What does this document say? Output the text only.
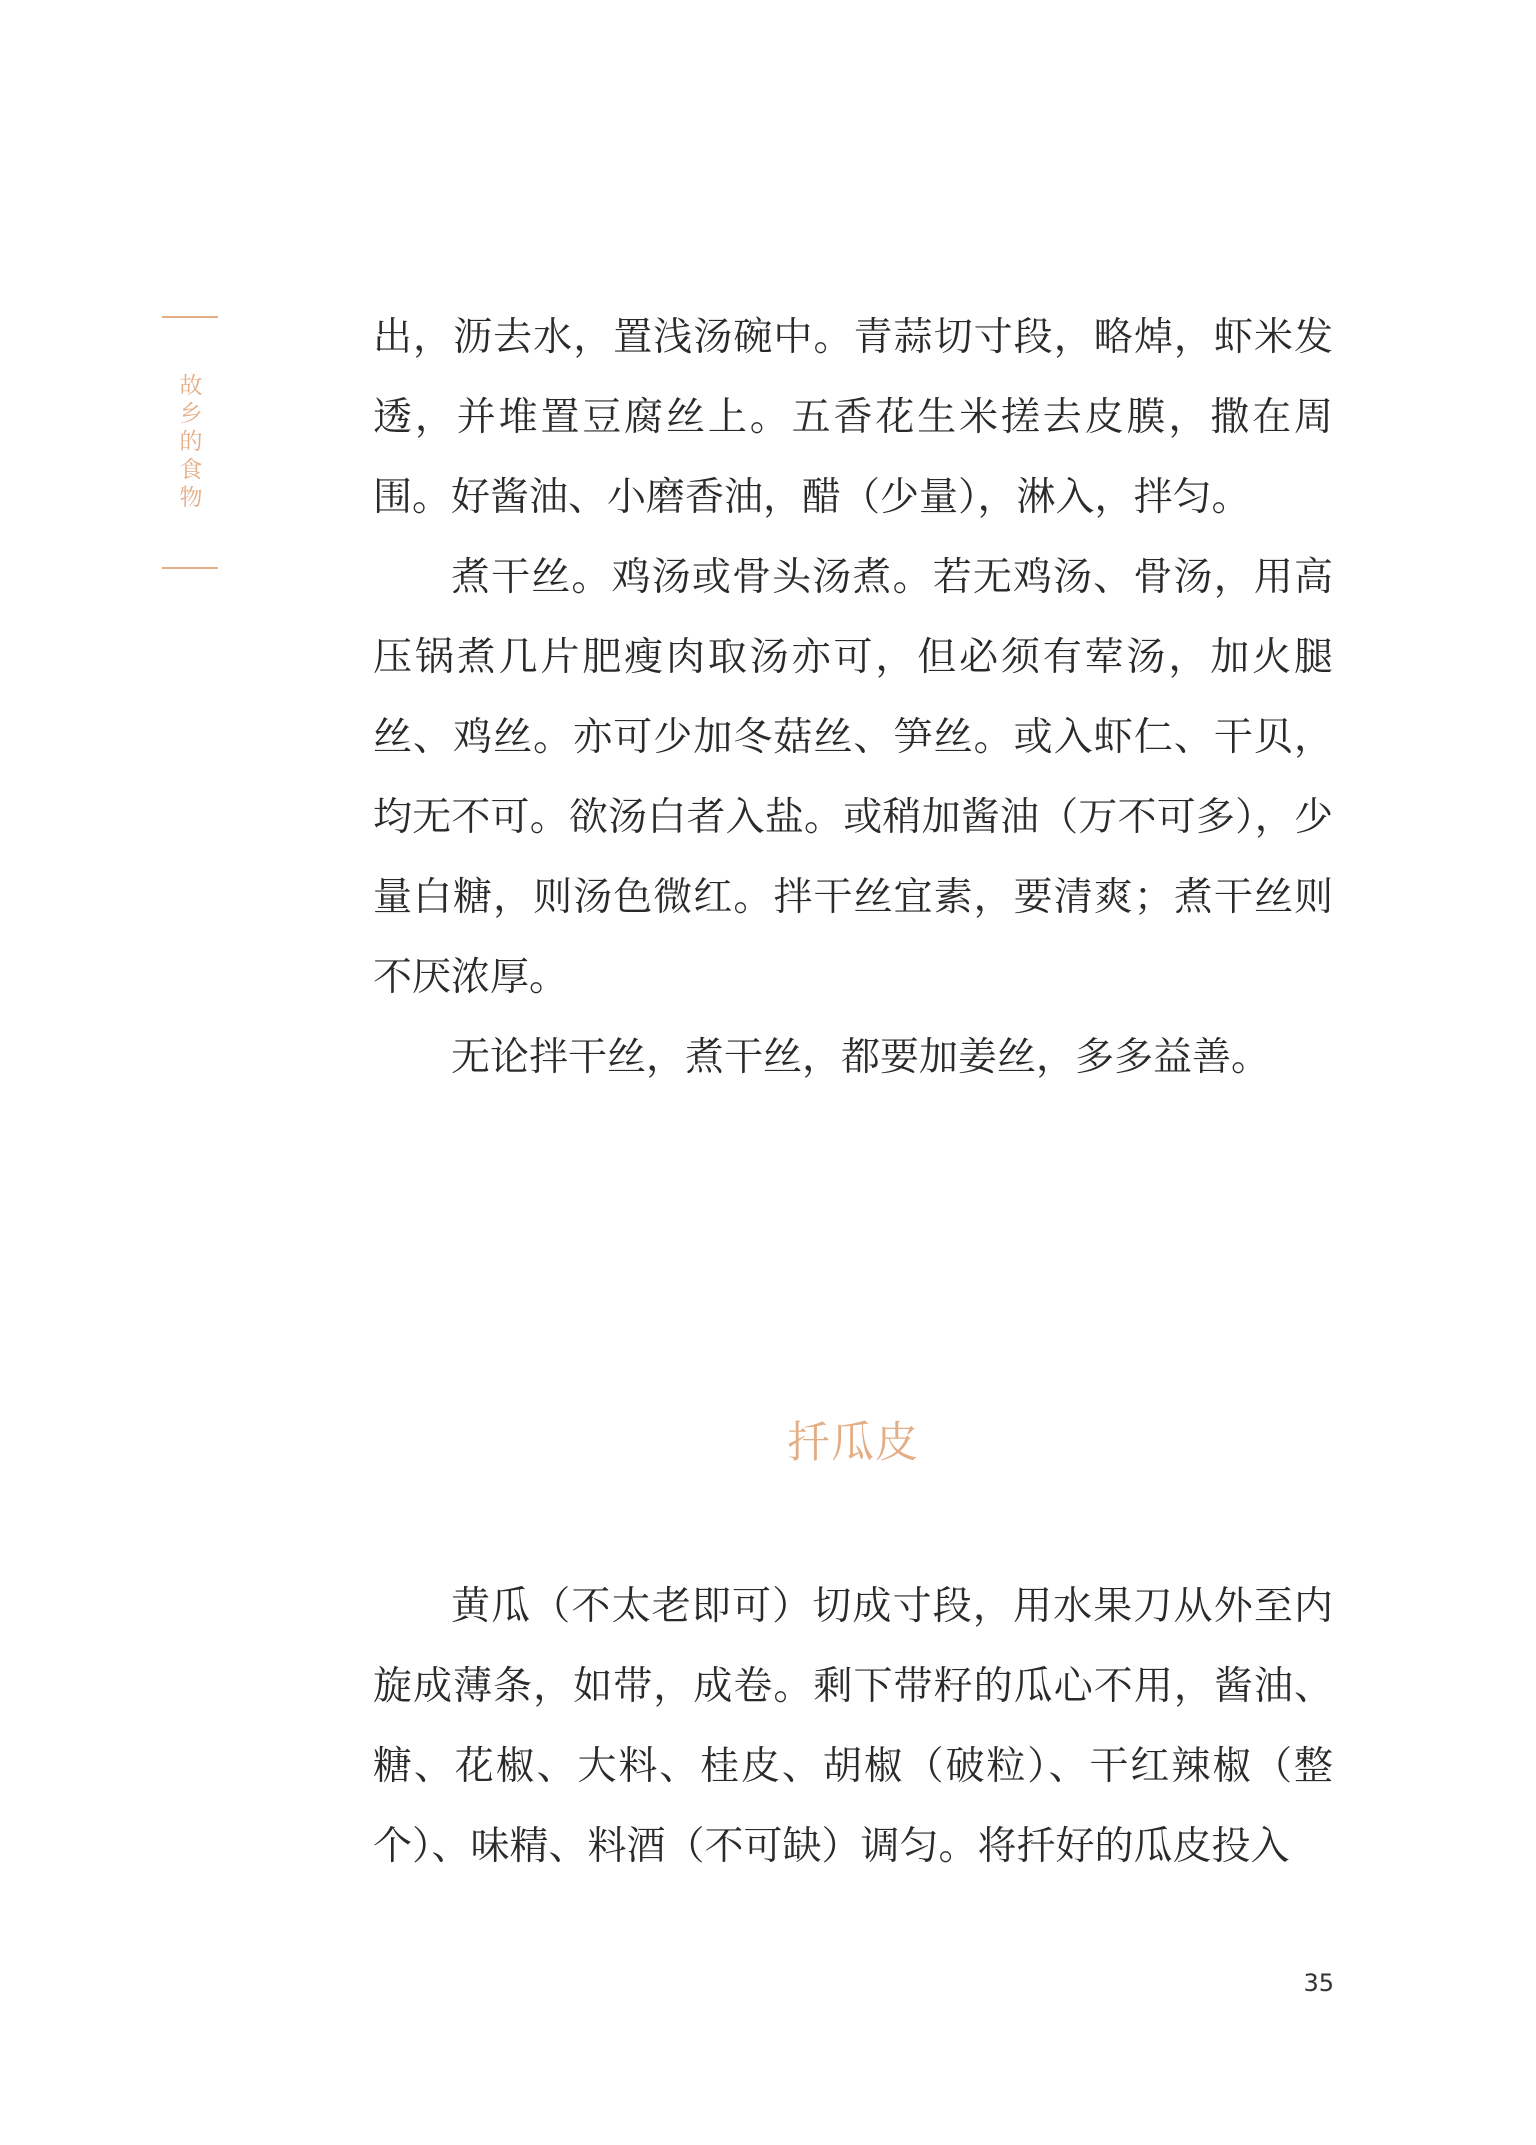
故
乡
的
食
物

出，沥去水，置浅汤碗中。青蒜切寸段，略焯，虾米发透，并堆置豆腐丝上。五香花生米搓去皮膜，撒在周围。好酱油、小磨香油，醋（少量），淋入，拌匀。

煮干丝。鸡汤或骨头汤煮。若无鸡汤、骨汤，用高压锅煮几片肥瘦肉取汤亦可，但必须有荤汤，加火腿丝、鸡丝。亦可少加冬菇丝、笋丝。或入虾仁、干贝，均无不可。欲汤白者入盐。或稍加酱油（万不可多），少量白糖，则汤色微红。拌干丝宜素，要清爽；煮干丝则不厌浓厚。

无论拌干丝，煮干丝，都要加姜丝，多多益善。

扦瓜皮

黄瓜（不太老即可）切成寸段，用水果刀从外至内旋成薄条，如带，成卷。剩下带籽的瓜心不用，酱油、糖、花椒、大料、桂皮、胡椒（破粒）、干红辣椒（整个）、味精、料酒（不可缺）调匀。将扦好的瓜皮投入

35
